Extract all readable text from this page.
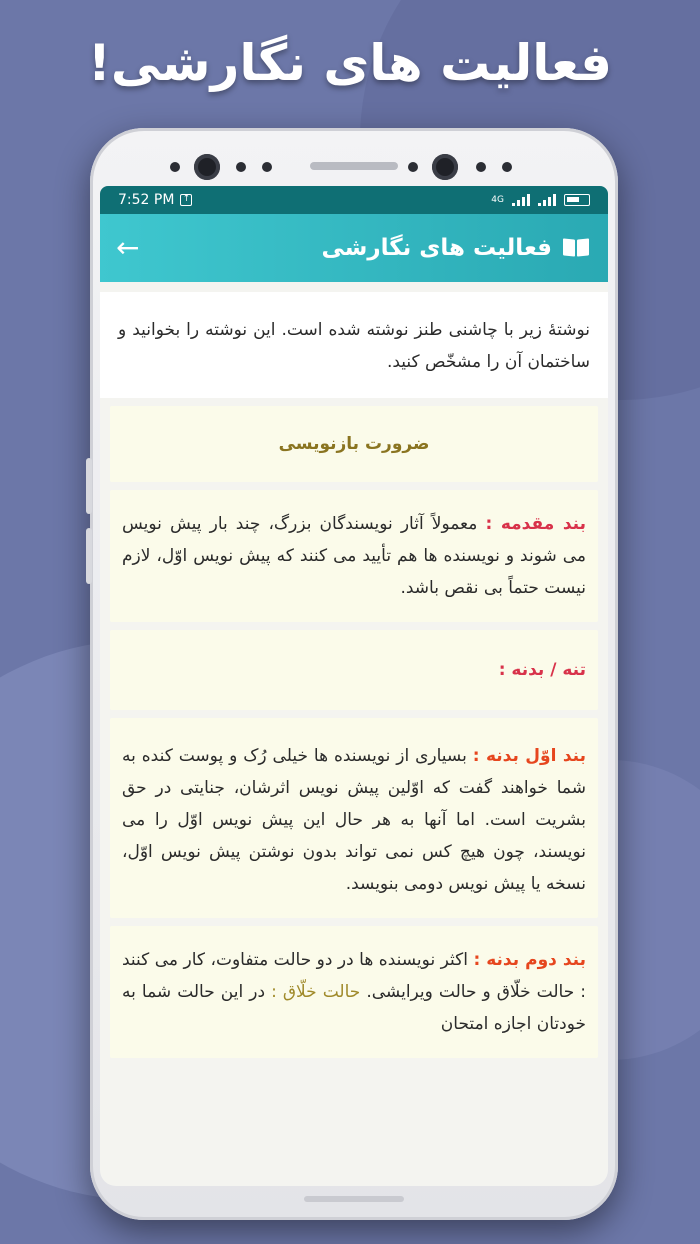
فعالیت های نگارشی!
7:52 PM ↑	4G
←	فعالیت های نگارشی
نوشتهٔ زیر با چاشنی طنز نوشته شده است. این نوشته را بخوانید و ساختمان آن را مشخّص کنید.
ضرورت بازنویسی
بند مقدمه : معمولاً آثار نویسندگان بزرگ، چند بار پیش نویس می شوند و نویسنده ها هم تأیید می کنند که پیش نویس اوّل، لازم نیست حتماً بی نقص باشد.
تنه / بدنه :
بند اوّل بدنه : بسیاری از نویسنده ها خیلی رُک و پوست کنده به شما خواهند گفت که اوّلین پیش نویس اثرشان، جنایتی در حق بشریت است. اما آنها به هر حال این پیش نویس اوّل را می نویسند، چون هیچ کس نمی تواند بدون نوشتن پیش نویس اوّل، نسخه یا پیش نویس دومی بنویسد.
بند دوم بدنه : اکثر نویسنده ها در دو حالت متفاوت، کار می کنند : حالت خلّاق و حالت ویرایشی. حالت خلّاق : در این حالت شما به خودتان اجازه امتحان
